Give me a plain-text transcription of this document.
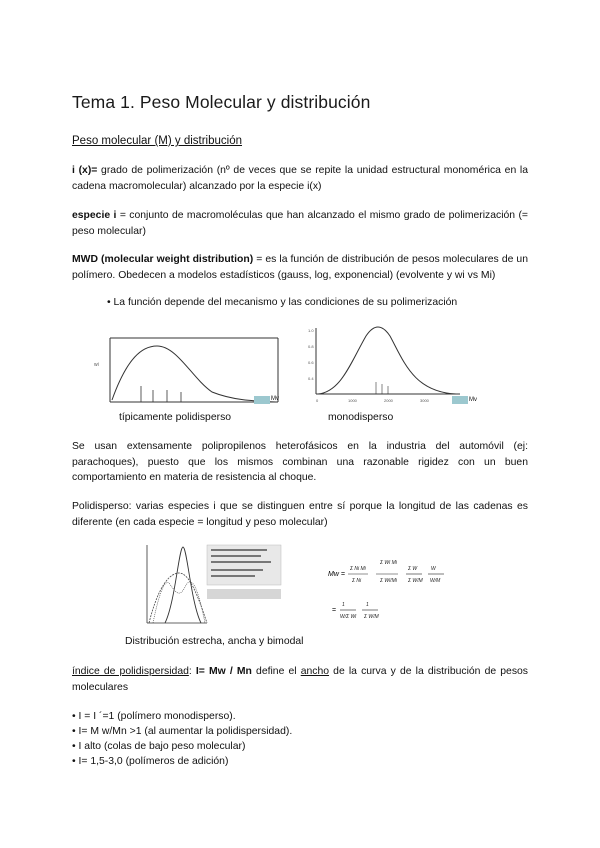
Tema 1. Peso Molecular y distribución
Peso molecular (M) y distribución
i (x)= grado de polimerización (nº de veces que se repite la unidad estructural monomérica en la cadena macromolecular) alcanzado por la especie i(x)
especie i = conjunto de macromoléculas que han alcanzado el mismo grado de polimerización (= peso molecular)
MWD (molecular weight distribution) = es la función de distribución de pesos moleculares de un polímero. Obedecen a modelos estadísticos (gauss, log, exponencial) (evolvente y wi vs Mi)
• La función depende del mecanismo y las condiciones de su polimerización
wi
Mv
1.0
0.8
0.6
0.4
0	1000	2000	3000	Mv
típicamente polidisperso	monodisperso
Se usan extensamente polipropilenos heterofásicos en la industria del automóvil (ej: parachoques), puesto que los mismos combinan una razonable rigidez con un buen comportamiento en materia de resistencia al choque.
Polidisperso: varias especies i que se distinguen entre sí porque la longitud de las cadenas es diferente (en cada especie = longitud y peso molecular)
Mw =
Σ Ni Mi
Σ Ni
Σ Wi Mi
Σ Wi/Mi
Σ W
Σ W/M
W
W/M
1
W/Σ Wi
1
Σ W/M
=
Distribución estrecha, ancha y bimodal
índice de polidispersidad: I= Mw / Mn define el ancho de la curva y de la distribución de pesos moleculares
• I = I ´=1 (polímero monodisperso).
• I= M w/Mn >1 (al aumentar la polidispersidad).
• I alto (colas de bajo peso molecular)
• I= 1,5-3,0 (polímeros de adición)
